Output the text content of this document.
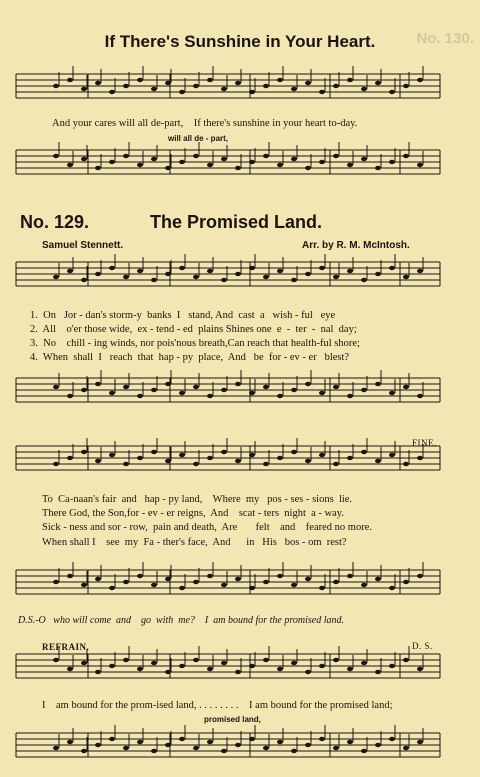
If There's Sunshine in Your Heart.	No. 130.
And your cares will all de-part,    If there's sunshine in your heart to-day.
will all de - part,
No. 129.	The Promised Land.
Samuel Stennett.	Arr. by R. M. McIntosh.
1.  On   Jor - dan's storm-y  banks  I   stand, And  cast  a   wish - ful   eye
2.  All    o'er those wide,  ex - tend - ed  plains Shines one  e  -  ter  -  nal  day;
3.  No    chill - ing winds, nor pois'nous breath,Can reach that health-ful shore;
4.  When  shall  I   reach  that  hap - py  place,  And   be  for - ev - er   blest?
FINE.
To  Ca-naan's fair  and   hap - py land,    Where  my   pos - ses - sions  lie.
There God, the Son,for - ev - er reigns,  And    scat - ters  night  a - way.
Sick - ness and sor - row,  pain and death,  Are       felt    and    feared no more.
When shall I    see  my  Fa - ther's face,  And      in   His   bos - om  rest?
D.S.-O   who will come  and    go  with  me?    I  am bound for the promised land.
REFRAIN.	D. S.
I    am bound for the prom-ised land, . . . . . . . .    I am bound for the promised land;
promised land,
